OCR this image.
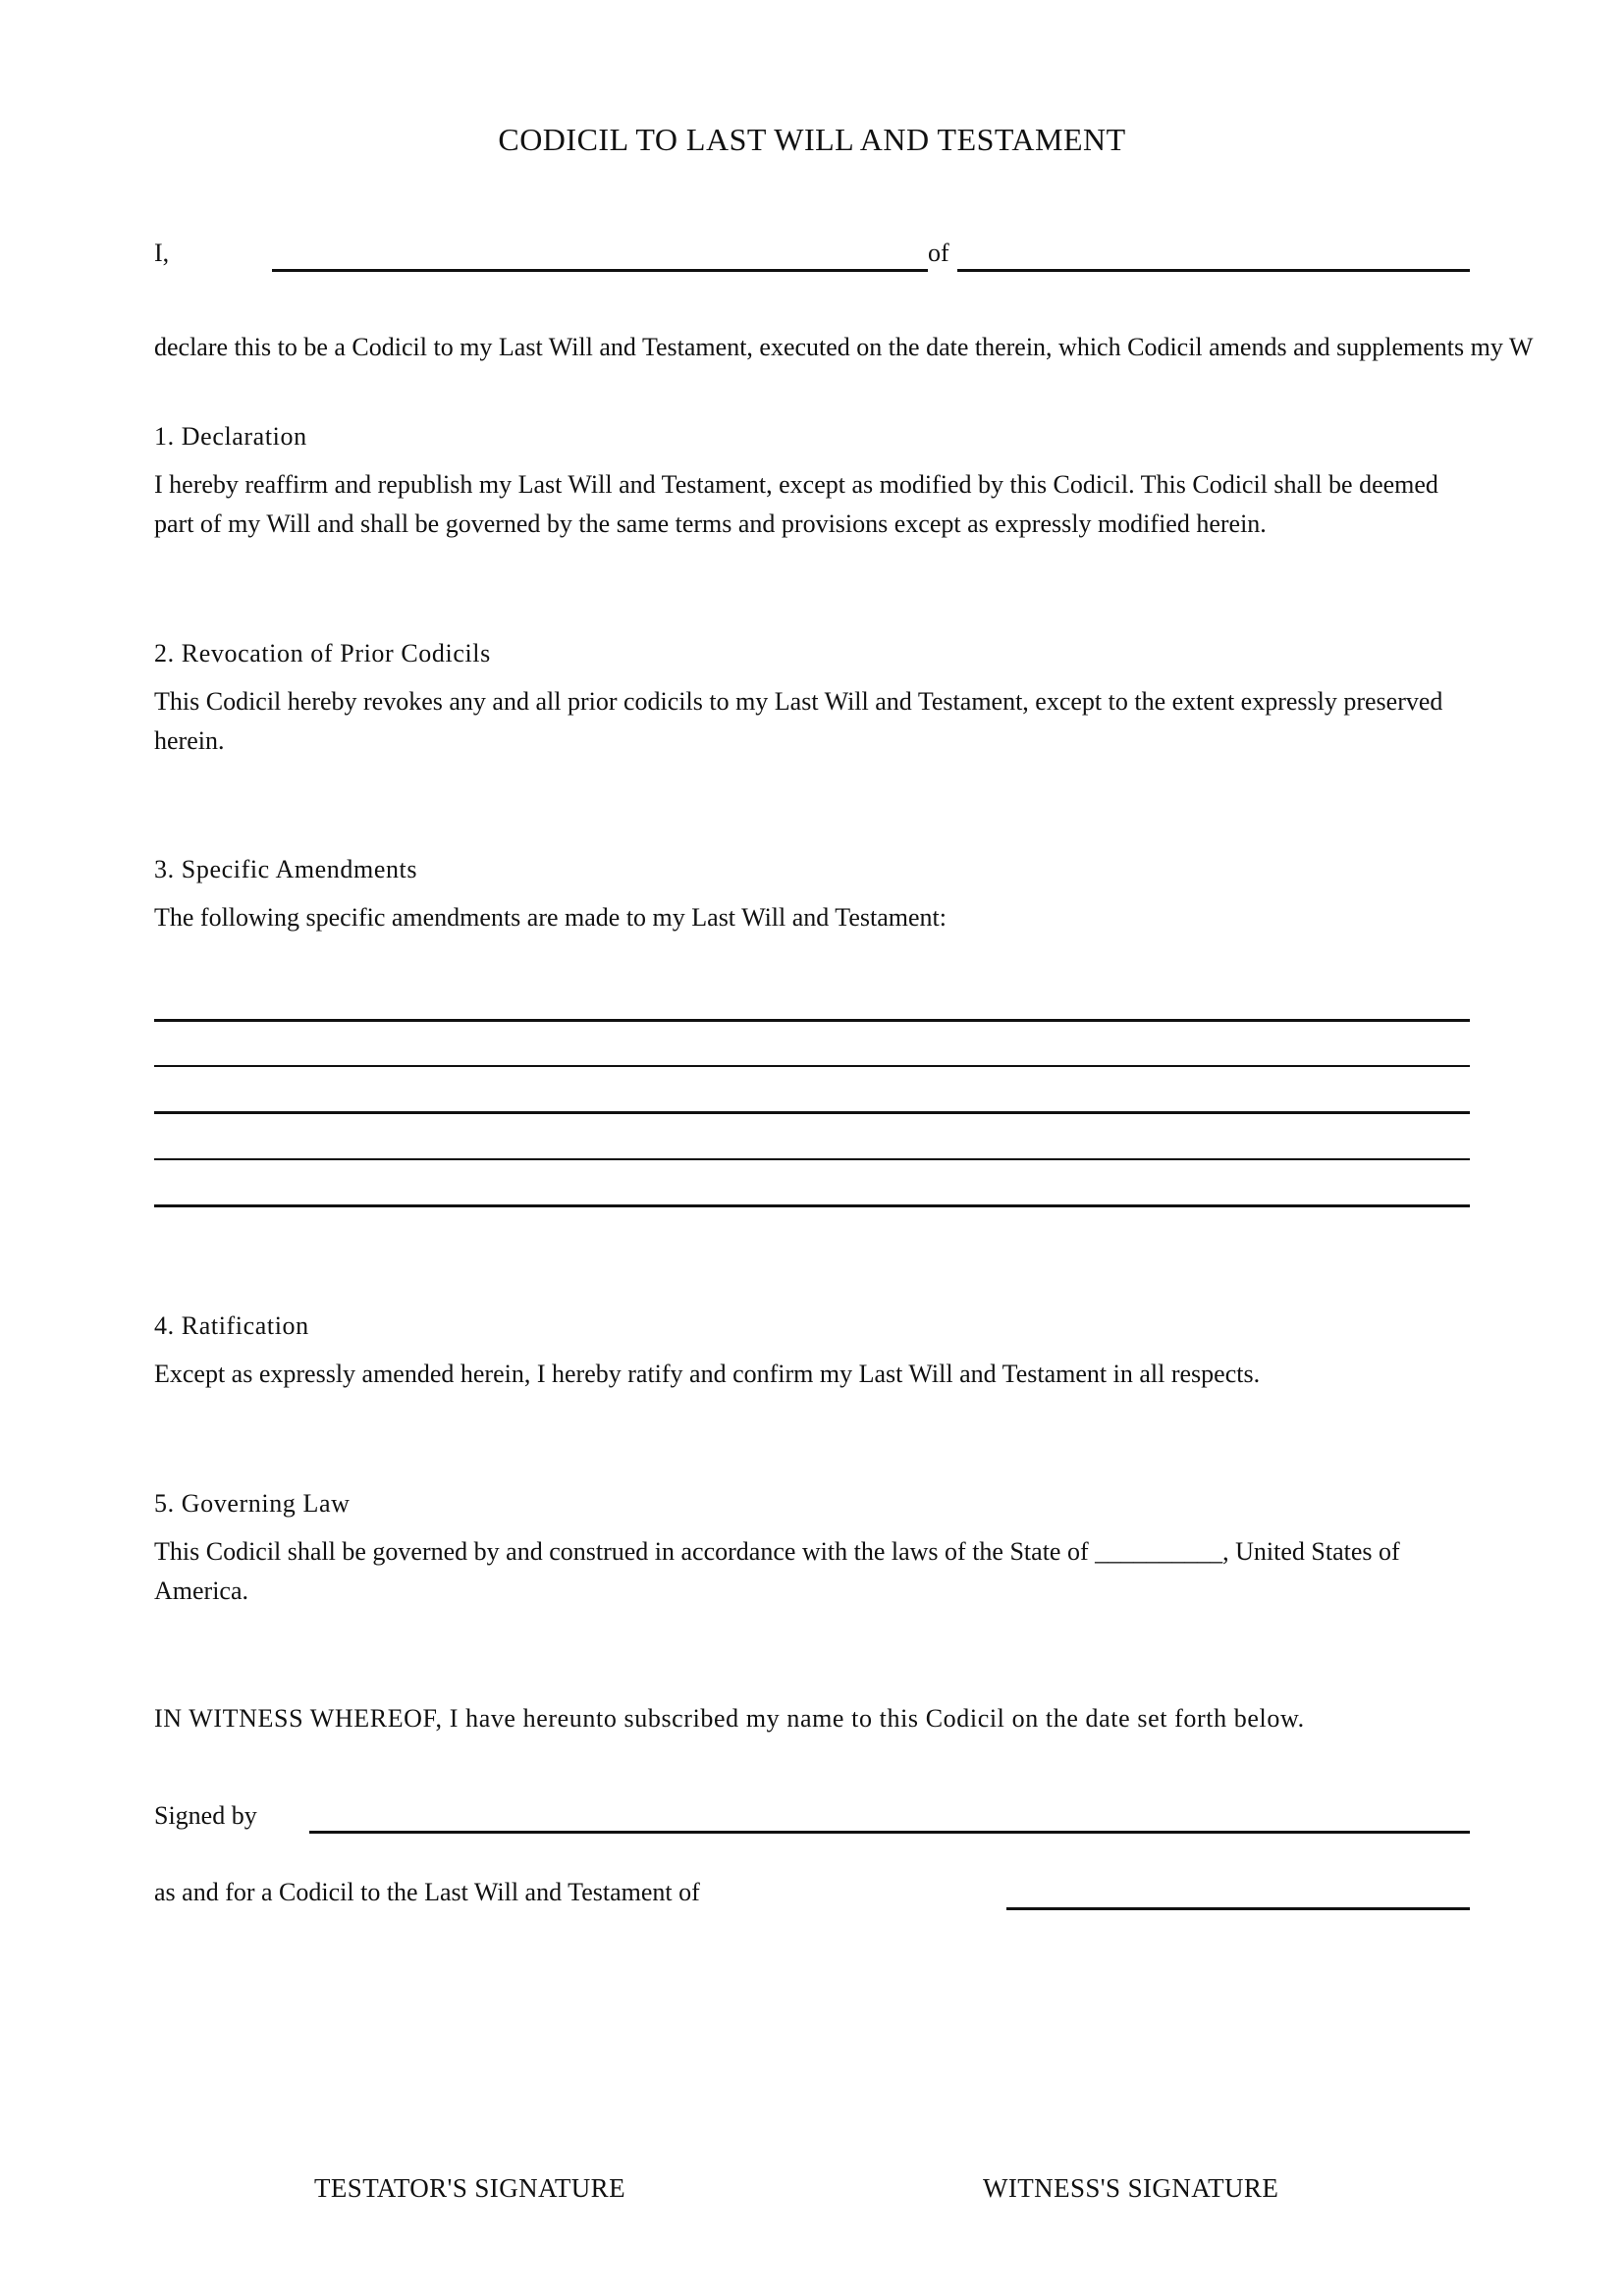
CODICIL TO LAST WILL AND TESTAMENT
I,	of
declare this to be a Codicil to my Last Will and Testament, executed on the date therein, which Codicil amends and supplements my W
1. Declaration
I hereby reaffirm and republish my Last Will and Testament, except as modified by this Codicil. This Codicil shall be deemed part of my Will and shall be governed by the same terms and provisions except as expressly modified herein.
2. Revocation of Prior Codicils
This Codicil hereby revokes any and all prior codicils to my Last Will and Testament, except to the extent expressly preserved herein.
3. Specific Amendments
The following specific amendments are made to my Last Will and Testament:
4. Ratification
Except as expressly amended herein, I hereby ratify and confirm my Last Will and Testament in all respects.
5. Governing Law
This Codicil shall be governed by and construed in accordance with the laws of the State of __________, United States of America.
IN WITNESS WHEREOF, I have hereunto subscribed my name to this Codicil on the date set forth below.
Signed by
as and for a Codicil to the Last Will and Testament of
TESTATOR'S SIGNATURE	WITNESS'S SIGNATURE
